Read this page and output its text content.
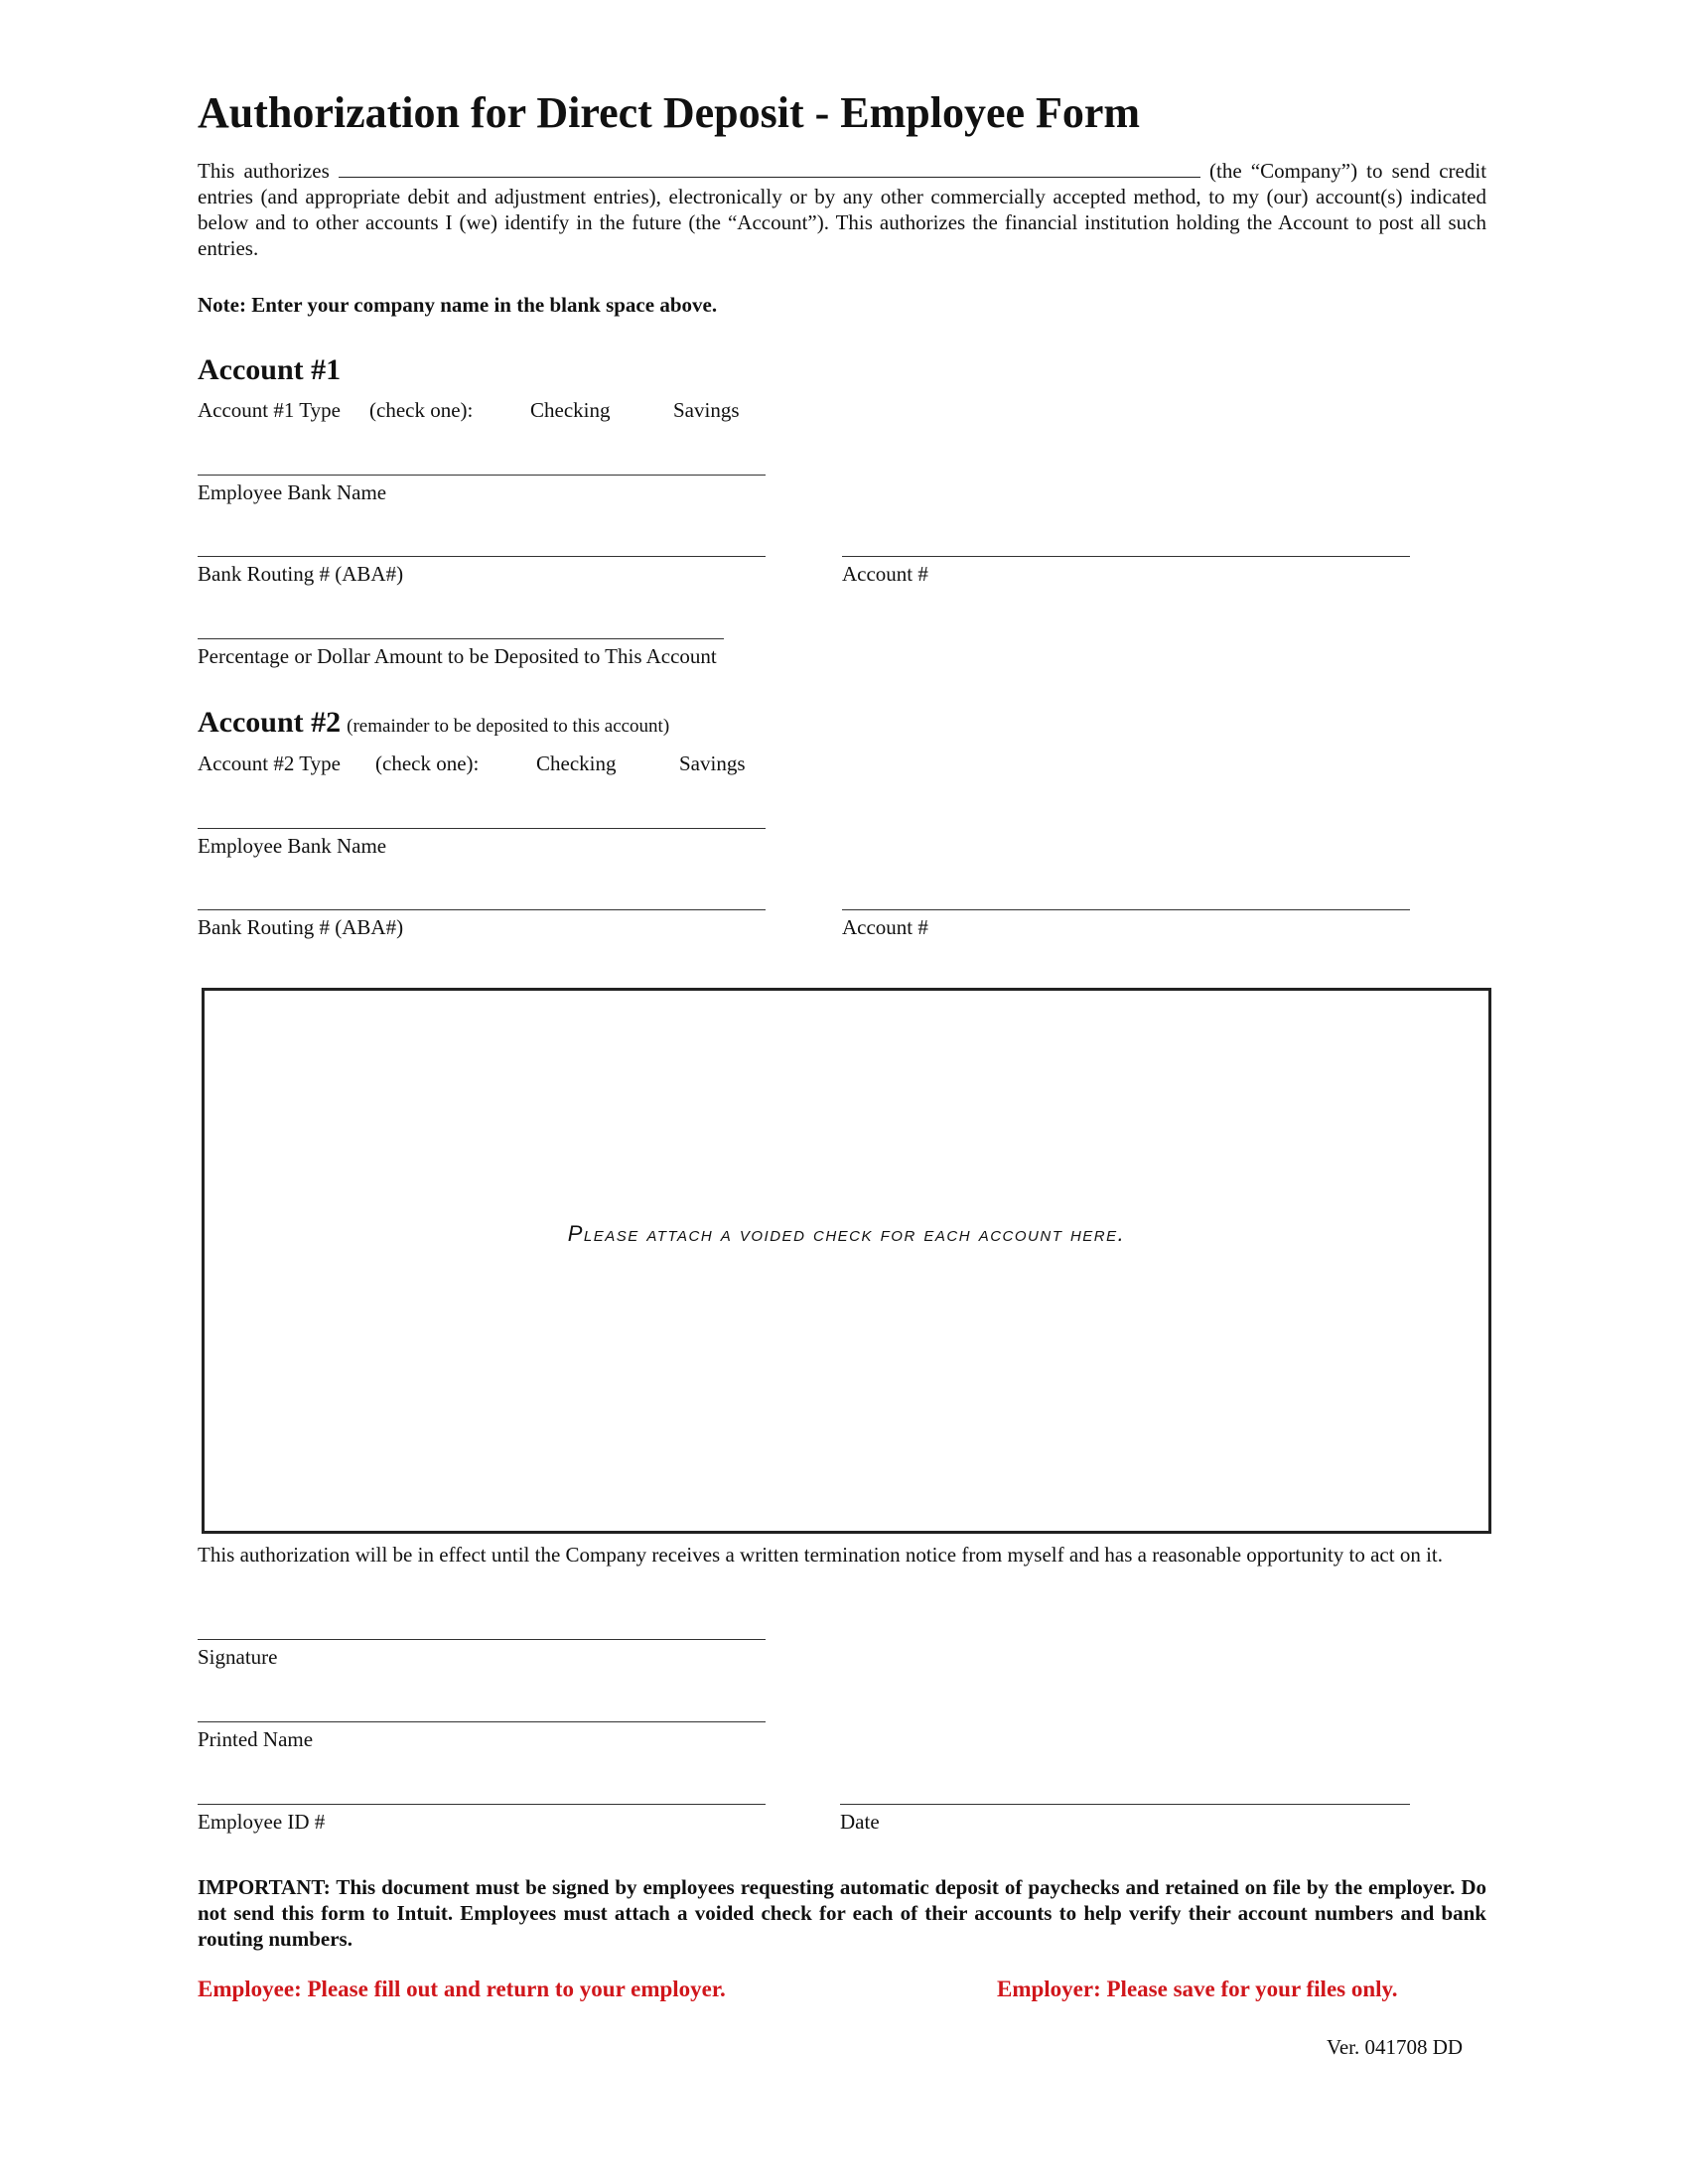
Authorization for Direct Deposit - Employee Form
This authorizes	(the “Company”) to send credit entries (and appropriate debit and adjustment entries), electronically or by any other commercially accepted method, to my (our) account(s) indicated below and to other accounts I (we) identify in the future (the “Account”). This authorizes the financial institution holding the Account to post all such entries.
Note: Enter your company name in the blank space above.
Account #1
Account #1 Type (check one):	Checking	Savings
Employee Bank Name
Bank Routing # (ABA#)	Account #
Percentage or Dollar Amount to be Deposited to This Account
Account #2 (remainder to be deposited to this account)
Account #2 Type (check one):	Checking	Savings
Employee Bank Name
Bank Routing # (ABA#)	Account #
Please attach a voided check for each account here.
This authorization will be in effect until the Company receives a written termination notice from myself and has a reasonable opportunity to act on it.
Signature
Printed Name
Employee ID #	Date
IMPORTANT: This document must be signed by employees requesting automatic deposit of paychecks and retained on file by the employer. Do not send this form to Intuit. Employees must attach a voided check for each of their accounts to help verify their account numbers and bank routing numbers.
Employee: Please fill out and return to your employer.	Employer: Please save for your files only.
Ver. 041708 DD
